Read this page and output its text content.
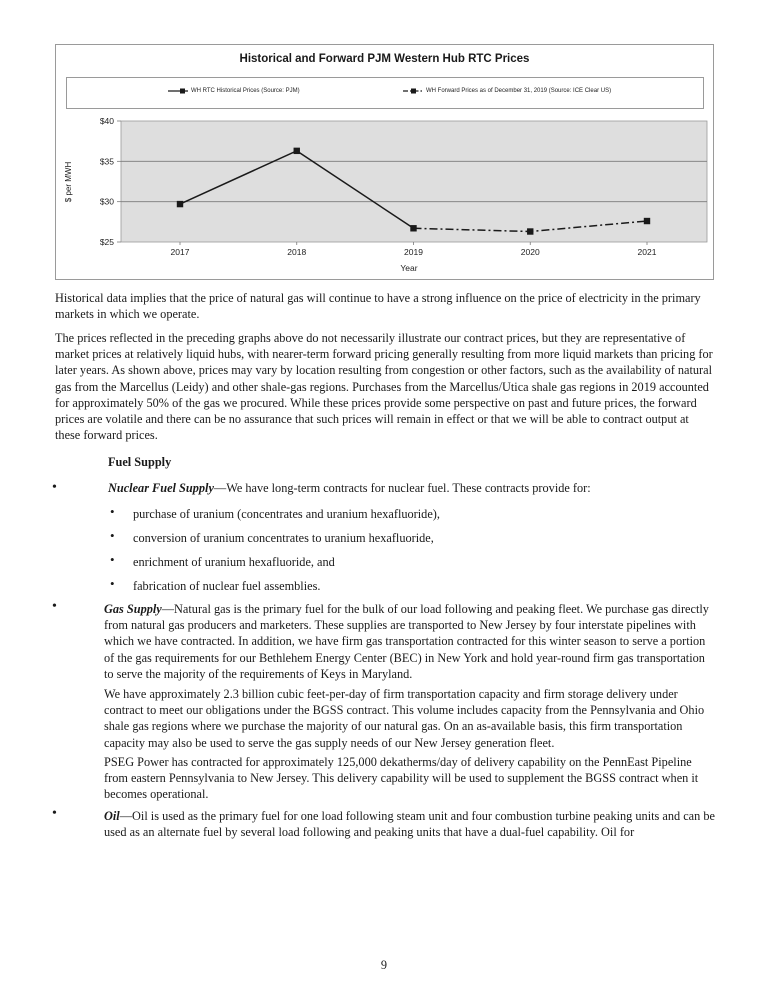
Historical and Forward PJM Western Hub RTC Prices
WH RTC Historical Prices (Source: PJM)	WH Forward Prices as of December 31, 2019 (Source: ICE Clear US)
$25
$30
$35
$40
2017	2018	2019	2020	2021
$ per MWH
Year

Historical data implies that the price of natural gas will continue to have a strong influence on the price of electricity in the primary markets in which we operate.

The prices reflected in the preceding graphs above do not necessarily illustrate our contract prices, but they are representative of market prices at relatively liquid hubs, with nearer-term forward pricing generally resulting from more liquid markets than pricing for later years. As shown above, prices may vary by location resulting from congestion or other factors, such as the availability of natural gas from the Marcellus (Leidy) and other shale-gas regions. Purchases from the Marcellus/Utica shale gas regions in 2019 accounted for approximately 50% of the gas we procured. While these prices provide some perspective on past and future prices, the forward prices are volatile and there can be no assurance that such prices will remain in effect or that we will be able to contract output at these forward prices.

Fuel Supply
•	Nuclear Fuel Supply—We have long-term contracts for nuclear fuel. These contracts provide for:

• purchase of uranium (concentrates and uranium hexafluoride),
• conversion of uranium concentrates to uranium hexafluoride,
• enrichment of uranium hexafluoride, and
• fabrication of nuclear fuel assemblies.
•	Gas Supply—Natural gas is the primary fuel for the bulk of our load following and peaking fleet. We purchase gas directly from natural gas producers and marketers. These supplies are transported to New Jersey by four interstate pipelines with which we have contracted. In addition, we have firm gas transportation contracted for this winter season to serve a portion of the gas requirements for our Bethlehem Energy Center (BEC) in New York and hold year-round firm gas transportation to serve the majority of the requirements of Keys in Maryland.

We have approximately 2.3 billion cubic feet-per-day of firm transportation capacity and firm storage delivery under contract to meet our obligations under the BGSS contract. This volume includes capacity from the Pennsylvania and Ohio shale gas regions where we purchase the majority of our natural gas. On an as-available basis, this firm transportation capacity may also be used to serve the gas supply needs of our New Jersey generation fleet.

PSEG Power has contracted for approximately 125,000 dekatherms/day of delivery capability on the PennEast Pipeline from eastern Pennsylvania to New Jersey. This delivery capability will be used to supplement the BGSS contract when it becomes operational.

•	Oil—Oil is used as the primary fuel for one load following steam unit and four combustion turbine peaking units and can be used as an alternate fuel by several load following and peaking units that have a dual-fuel capability. Oil for

9
